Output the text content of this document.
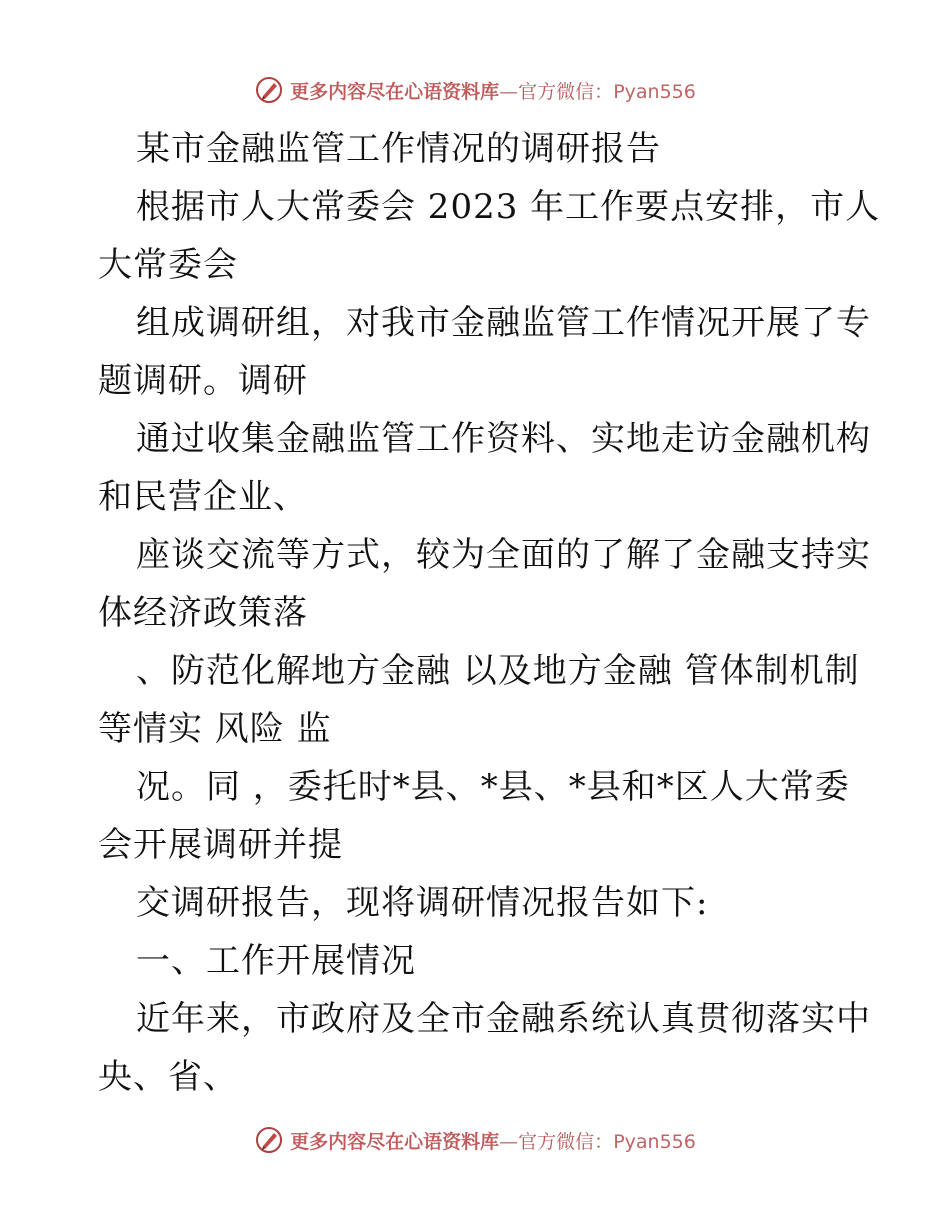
更多内容尽在心语资料库—官方微信：Pyan556
某市金融监管工作情况的调研报告
根据市人大常委会 2023 年工作要点安排，市人
大常委会
组成调研组，对我市金融监管工作情况开展了专
题调研。调研
通过收集金融监管工作资料、实地走访金融机构
和民营企业、
座谈交流等方式，较为全面的了解了金融支持实
体经济政策落
、防范化解地方金融 以及地方金融 管体制机制
等情实 风险 监
况。同 ，委托时*县、*县、*县和*区人大常委
会开展调研并提
交调研报告，现将调研情况报告如下:
一、工作开展情况
近年来，市政府及全市金融系统认真贯彻落实中
央、省、
更多内容尽在心语资料库—官方微信：Pyan556
